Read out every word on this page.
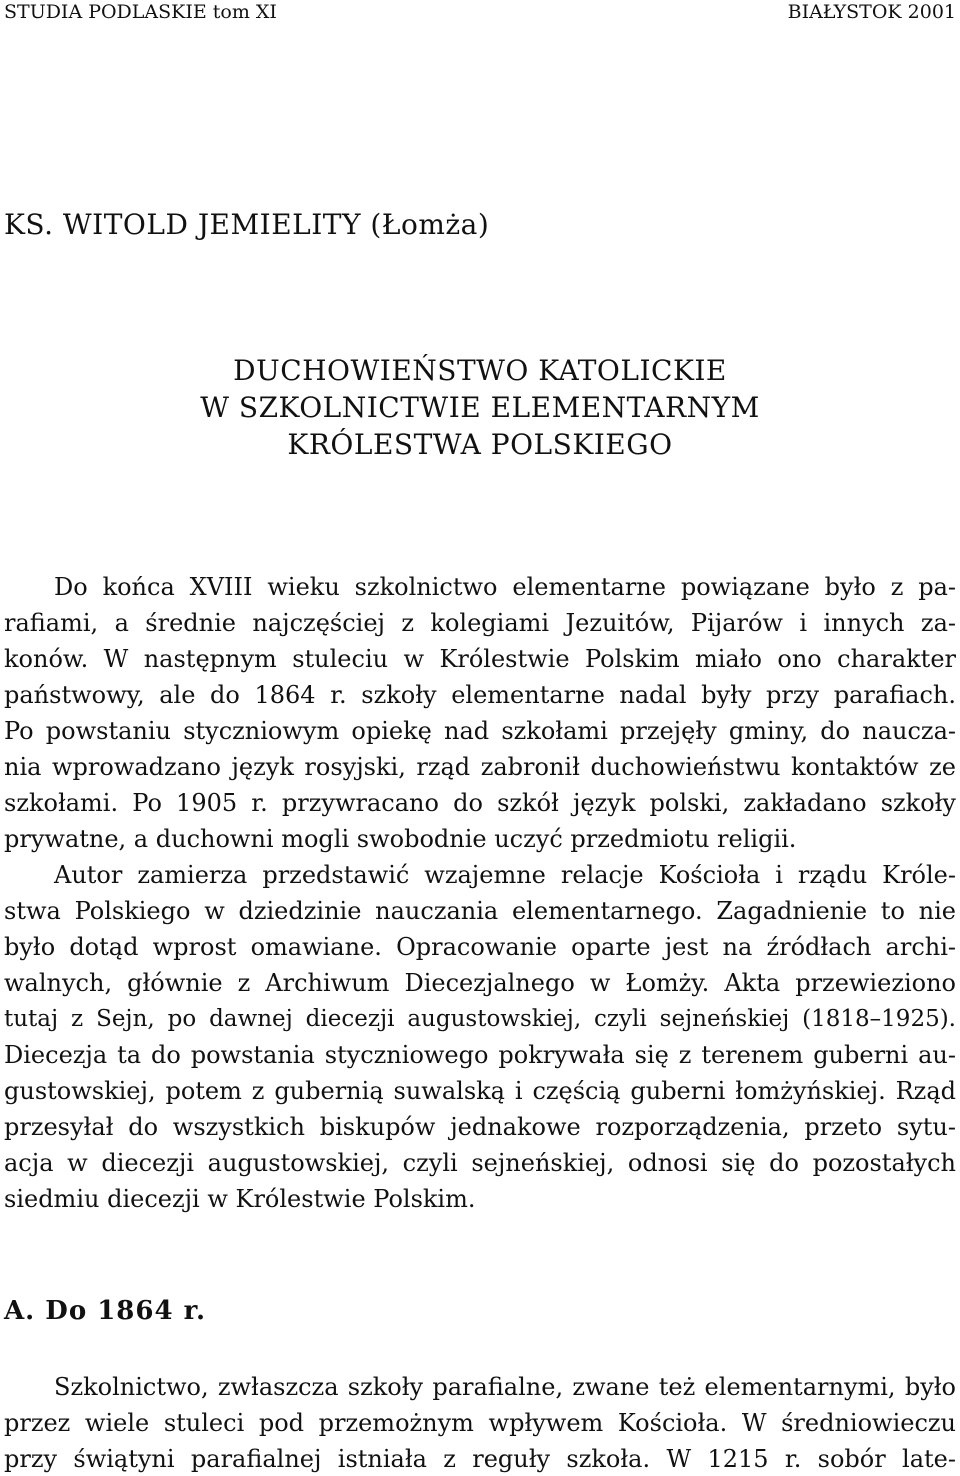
STUDIA PODLASKIE tom XI	BIAŁYSTOK 2001
KS. WITOLD JEMIELITY (Łomża)
DUCHOWIEŃSTWO KATOLICKIE
W SZKOLNICTWIE ELEMENTARNYM
KRÓLESTWA POLSKIEGO
Do końca XVIII wieku szkolnictwo elementarne powiązane było z pa-
rafiami, a średnie najczęściej z kolegiami Jezuitów, Pijarów i innych za-
konów. W następnym stuleciu w Królestwie Polskim miało ono charakter
państwowy, ale do 1864 r. szkoły elementarne nadal były przy parafiach.
Po powstaniu styczniowym opiekę nad szkołami przejęły gminy, do naucza-
nia wprowadzano język rosyjski, rząd zabronił duchowieństwu kontaktów ze
szkołami. Po 1905 r. przywracano do szkół język polski, zakładano szkoły
prywatne, a duchowni mogli swobodnie uczyć przedmiotu religii.
Autor zamierza przedstawić wzajemne relacje Kościoła i rządu Króle-
stwa Polskiego w dziedzinie nauczania elementarnego. Zagadnienie to nie
było dotąd wprost omawiane. Opracowanie oparte jest na źródłach archi-
walnych, głównie z Archiwum Diecezjalnego w Łomży. Akta przewieziono
tutaj z Sejn, po dawnej diecezji augustowskiej, czyli sejneńskiej (1818–1925).
Diecezja ta do powstania styczniowego pokrywała się z terenem guberni au-
gustowskiej, potem z gubernią suwalską i częścią guberni łomżyńskiej. Rząd
przesyłał do wszystkich biskupów jednakowe rozporządzenia, przeto sytu-
acja w diecezji augustowskiej, czyli sejneńskiej, odnosi się do pozostałych
siedmiu diecezji w Królestwie Polskim.
A. Do 1864 r.
Szkolnictwo, zwłaszcza szkoły parafialne, zwane też elementarnymi, było
przez wiele stuleci pod przemożnym wpływem Kościoła. W średniowieczu
przy świątyni parafialnej istniała z reguły szkoła. W 1215 r. sobór late-
